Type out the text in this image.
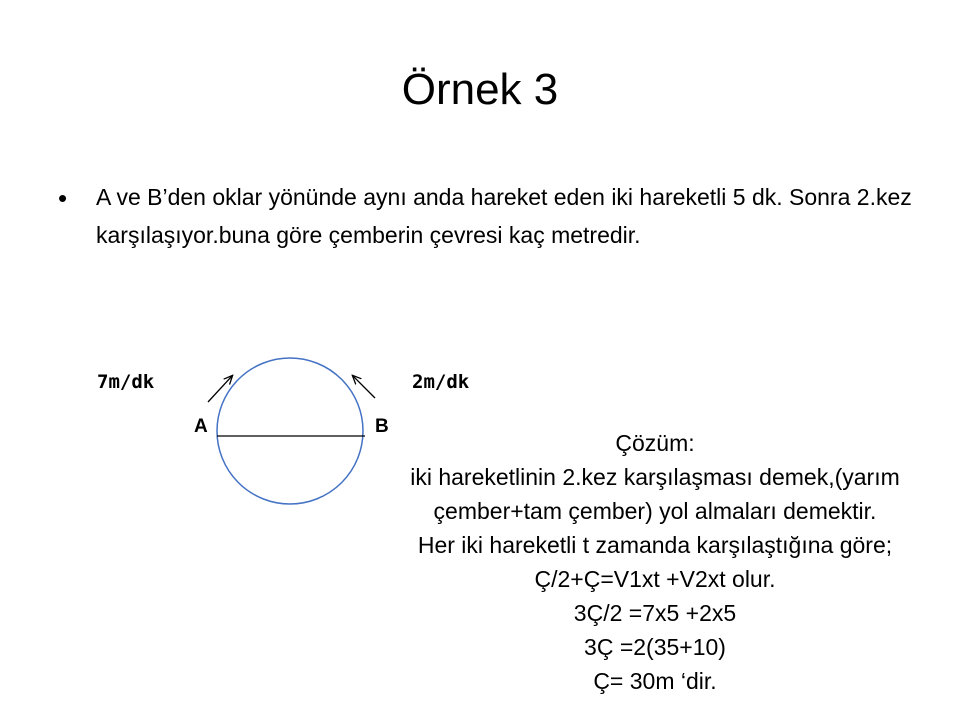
Örnek 3
• A ve B’den oklar yönünde aynı anda hareket eden iki hareketli 5 dk. Sonra 2.kez karşılaşıyor.buna göre çemberin çevresi kaç metredir.
7m/dk	2m/dk
A	B
Çözüm:
iki hareketlinin 2.kez karşılaşması demek,(yarım
çember+tam çember) yol almaları demektir.
Her iki hareketli t zamanda karşılaştığına göre;
Ç/2+Ç=V1xt +V2xt olur.
3Ç/2 =7x5 +2x5
3Ç =2(35+10)
Ç= 30m ‘dir.
